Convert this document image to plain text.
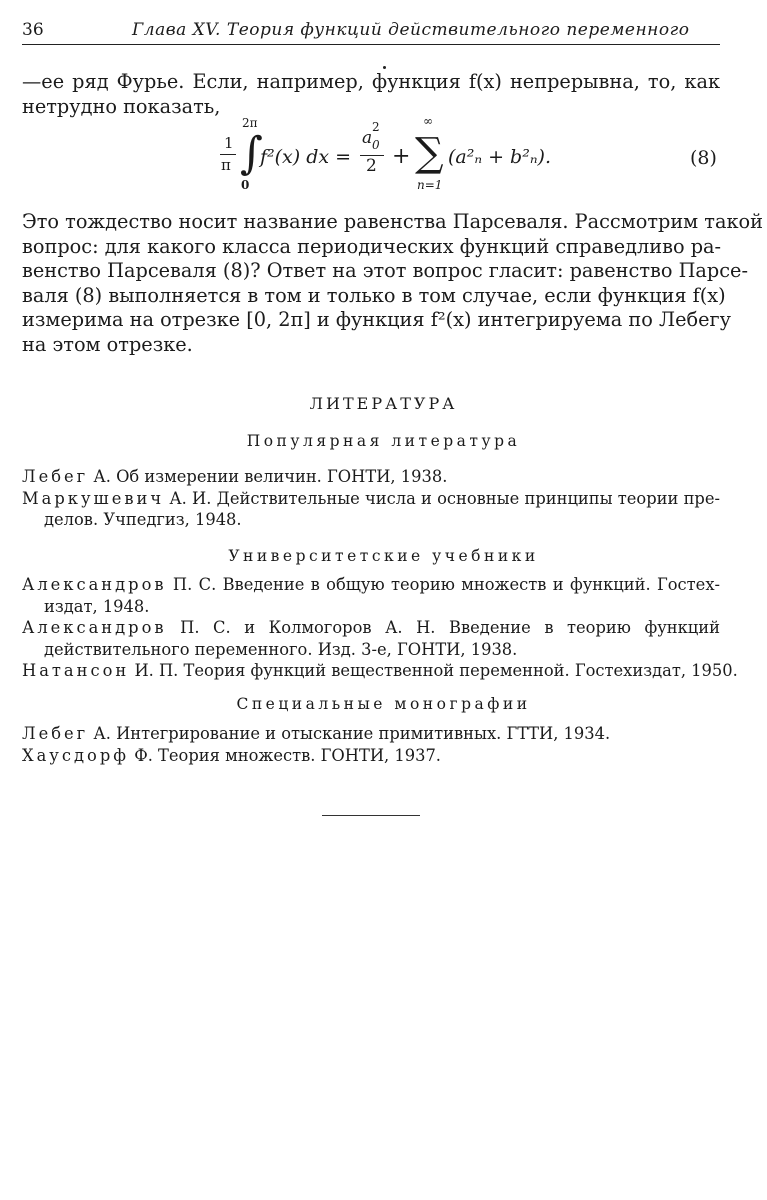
36	Глава XV. Теория функций действительного переменного
—ее ряд Фурье. Если, например, функция f(x) непрерывна, то, как
нетрудно показать,
1
π
2π
∫
0
f²(x) dx =
a 0
2
2 +
∞
∑
n=1
(a²ₙ + b²ₙ).	(8)
Это тождество носит название равенства Парсеваля. Рассмотрим такой
вопрос: для какого класса периодических функций справедливо ра-
венство Парсеваля (8)? Ответ на этот вопрос гласит: равенство Парсе-
валя (8) выполняется в том и только в том случае, если функция f(x)
измерима на отрезке [0, 2π] и функция f²(x) интегрируема по Лебегу
на этом отрезке.
ЛИТЕРАТУРА
Популярная литература
Университетские учебники
Специальные монографии
Лебег А. Об измерении величин. ГОНТИ, 1938.
Маркушевич А. И. Действительные числа и основные принципы теории пре-
делов. Учпедгиз, 1948.
Александров П. С. Введение в общую теорию множеств и функций. Гостех-
издат, 1948.
Александров П. С. и Колмогоров А. Н. Введение в теорию функций
действительного переменного. Изд. 3-е, ГОНТИ, 1938.
Натансон И. П. Теория функций вещественной переменной. Гостехиздат, 1950.
Лебег А. Интегрирование и отыскание примитивных. ГТТИ, 1934.
Хаусдорф Ф. Теория множеств. ГОНТИ, 1937.
